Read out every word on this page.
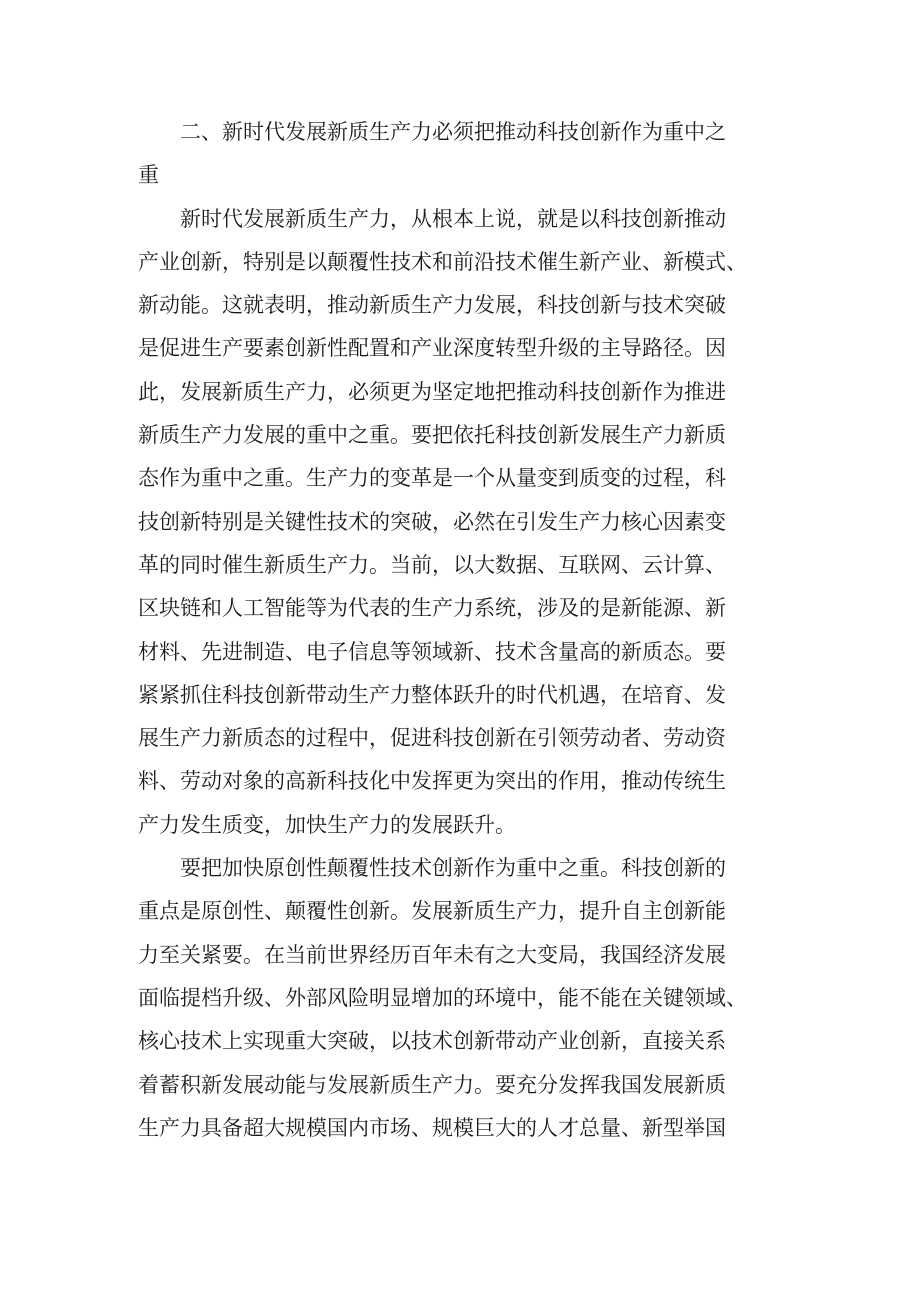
二、新时代发展新质生产力必须把推动科技创新作为重中之
重
新时代发展新质生产力，从根本上说，就是以科技创新推动
产业创新，特别是以颠覆性技术和前沿技术催生新产业、新模式、
新动能。这就表明，推动新质生产力发展，科技创新与技术突破
是促进生产要素创新性配置和产业深度转型升级的主导路径。因
此，发展新质生产力，必须更为坚定地把推动科技创新作为推进
新质生产力发展的重中之重。要把依托科技创新发展生产力新质
态作为重中之重。生产力的变革是一个从量变到质变的过程，科
技创新特别是关键性技术的突破，必然在引发生产力核心因素变
革的同时催生新质生产力。当前，以大数据、互联网、云计算、
区块链和人工智能等为代表的生产力系统，涉及的是新能源、新
材料、先进制造、电子信息等领域新、技术含量高的新质态。要
紧紧抓住科技创新带动生产力整体跃升的时代机遇，在培育、发
展生产力新质态的过程中，促进科技创新在引领劳动者、劳动资
料、劳动对象的高新科技化中发挥更为突出的作用，推动传统生
产力发生质变，加快生产力的发展跃升。
要把加快原创性颠覆性技术创新作为重中之重。科技创新的
重点是原创性、颠覆性创新。发展新质生产力，提升自主创新能
力至关紧要。在当前世界经历百年未有之大变局，我国经济发展
面临提档升级、外部风险明显增加的环境中，能不能在关键领域、
核心技术上实现重大突破，以技术创新带动产业创新，直接关系
着蓄积新发展动能与发展新质生产力。要充分发挥我国发展新质
生产力具备超大规模国内市场、规模巨大的人才总量、新型举国
